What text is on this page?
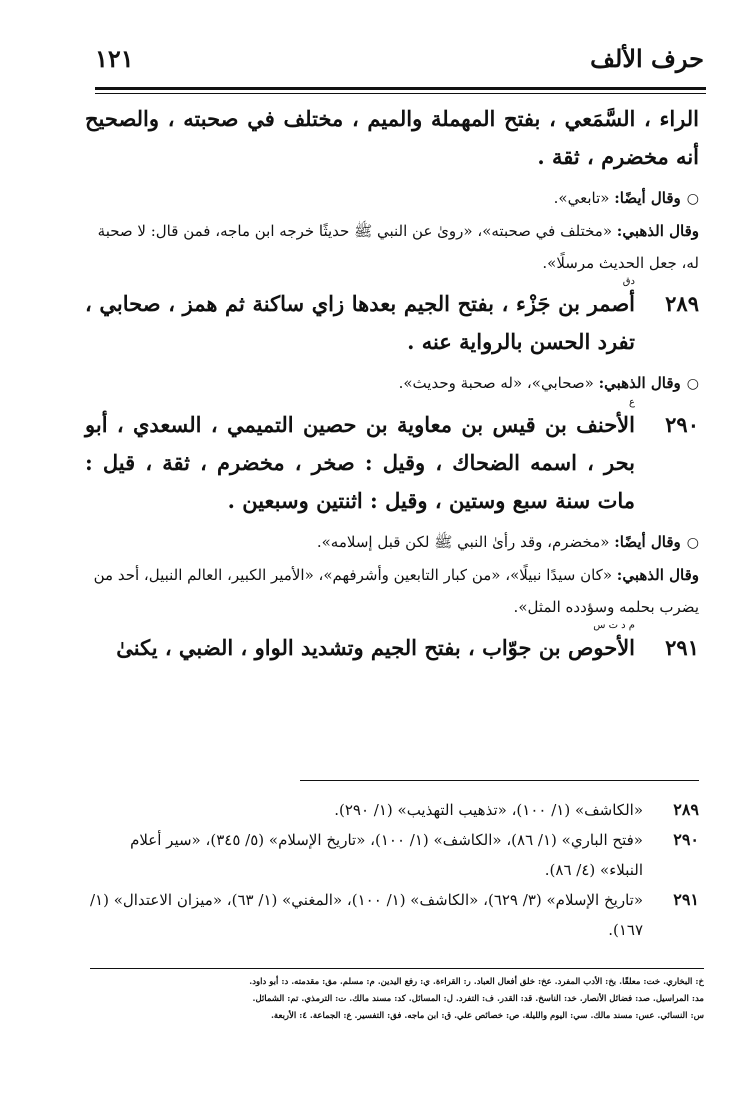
حرف الألف
١٢١

الراء ، السَّمَعي ، بفتح المهملة والميم ، مختلف في صحبته ، والصحيح أنه مخضرم ، ثقة .

○وقال أيضًا: «تابعي».

وقال الذهبي: «مختلف في صحبته»، «روىٰ عن النبي ﷺ حديثًا خرجه ابن ماجه، فمن قال: لا صحبة له، جعل الحديث مرسلًا».

٢٨٩

دق
أصمر بن جَزْء ، بفتح الجيم بعدها زاي ساكنة ثم همز ، صحابي ، تفرد الحسن بالرواية عنه .

○وقال الذهبي: «صحابي»، «له صحبة وحديث».

٢٩٠

ع
الأحنف بن قيس بن معاوية بن حصين التميمي ، السعدي ، أبو بحر ، اسمه الضحاك ، وقيل : صخر ، مخضرم ، ثقة ، قيل : مات سنة سبع وستين ، وقيل : اثنتين وسبعين .

○وقال أيضًا: «مخضرم، وقد رأىٰ النبي ﷺ لكن قبل إسلامه».

وقال الذهبي: «كان سيدًا نبيلًا»، «من كبار التابعين وأشرفهم»، «الأمير الكبير، العالم النبيل، أحد من يضرب بحلمه وسؤدده المثل».

٢٩١

م د ت س
الأحوص بن جوّاب ، بفتح الجيم وتشديد الواو ، الضبي ، يكنىٰ

٢٨٩
«الكاشف» (١/ ١٠٠)، «تذهيب التهذيب» (١/ ٢٩٠).
٢٩٠
«فتح الباري» (١/ ٨٦)، «الكاشف» (١/ ١٠٠)، «تاريخ الإسلام» (٥/ ٣٤٥)، «سير أعلام النبلاء» (٤/ ٨٦).
٢٩١
«تاريخ الإسلام» (٣/ ٦٢٩)، «الكاشف» (١/ ١٠٠)، «المغني» (١/ ٦٣)، «ميزان الاعتدال» (١/ ١٦٧).
خ: البخاري. خت: معلقًا. بخ: الأدب المفرد. عخ: خلق أفعال العباد. ر: القراءة. ي: رفع اليدين. م: مسلم. مق: مقدمته. د: أبو داود.
مد: المراسيل. صد: فضائل الأنصار. خد: الناسخ. قد: القدر. ف: التفرد. ل: المسائل. كد: مسند مالك. ت: الترمذي. تم: الشمائل.
س: النسائي. عس: مسند مالك. سي: اليوم والليلة. ص: خصائص علي. ق: ابن ماجه. فق: التفسير. ع: الجماعة. ٤: الأربعة.
